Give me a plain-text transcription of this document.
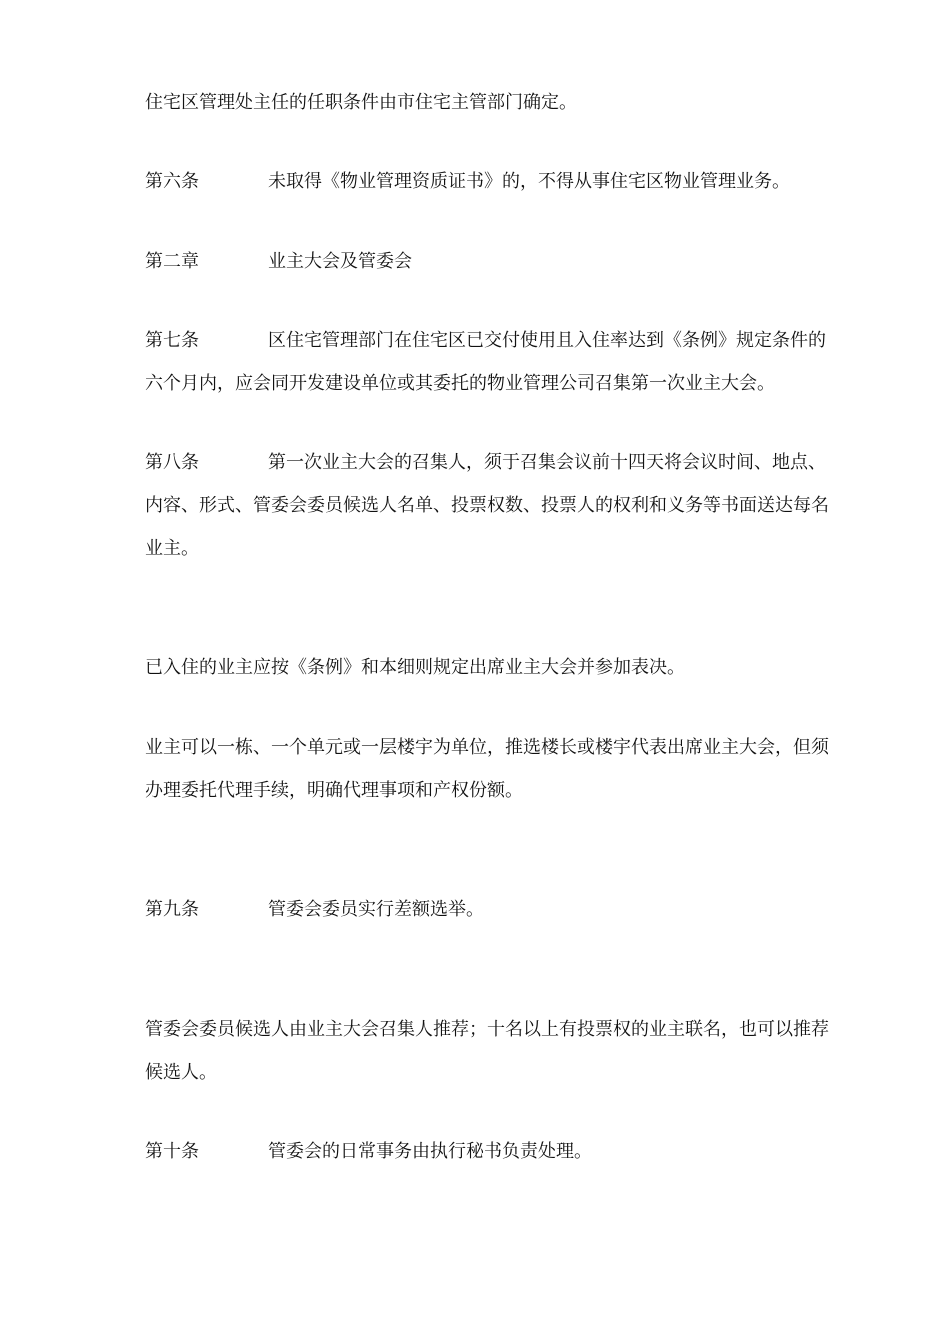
住宅区管理处主任的任职条件由市住宅主管部门确定。
第六条	未取得《物业管理资质证书》的，不得从事住宅区物业管理业务。
第二章	业主大会及管委会
第七条	区住宅管理部门在住宅区已交付使用且入住率达到《条例》规定条件的
六个月内，应会同开发建设单位或其委托的物业管理公司召集第一次业主大会。
第八条	第一次业主大会的召集人，须于召集会议前十四天将会议时间、地点、
内容、形式、管委会委员候选人名单、投票权数、投票人的权利和义务等书面送达每名
业主。
已入住的业主应按《条例》和本细则规定出席业主大会并参加表决。
业主可以一栋、一个单元或一层楼宇为单位，推选楼长或楼宇代表出席业主大会，但须
办理委托代理手续，明确代理事项和产权份额。
第九条	管委会委员实行差额选举。
管委会委员候选人由业主大会召集人推荐；十名以上有投票权的业主联名，也可以推荐
候选人。
第十条	管委会的日常事务由执行秘书负责处理。
